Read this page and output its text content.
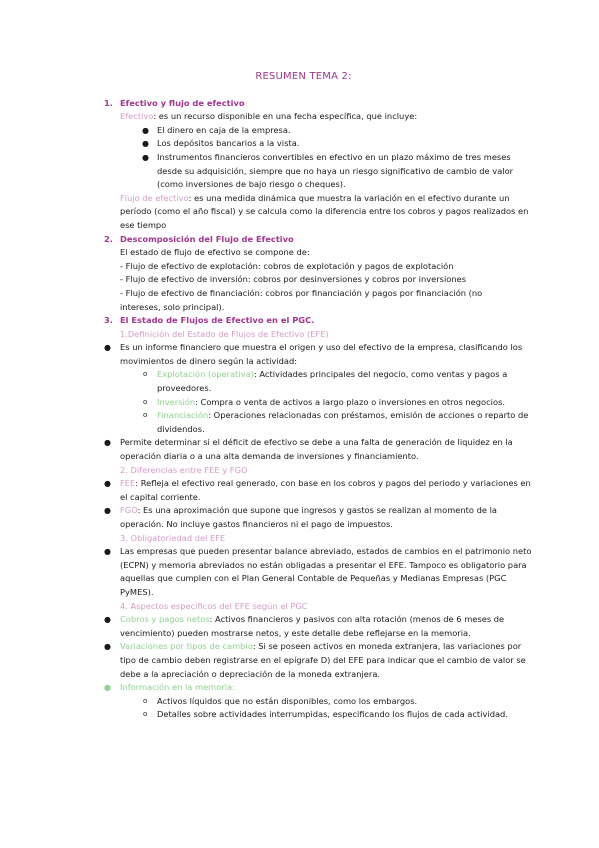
RESUMEN TEMA 2:
1. Efectivo y flujo de efectivo
Efectivo: es un recurso disponible en una fecha específica, que incluye:
● El dinero en caja de la empresa.
● Los depósitos bancarios a la vista.
● Instrumentos financieros convertibles en efectivo en un plazo máximo de tres meses desde su adquisición, siempre que no haya un riesgo significativo de cambio de valor (como inversiones de bajo riesgo o cheques).
Flujo de efectivo: es una medida dinámica que muestra la variación en el efectivo durante un período (como el año fiscal) y se calcula como la diferencia entre los cobros y pagos realizados en ese tiempo
2. Descomposición del Flujo de Efectivo
El estado de flujo de efectivo se compone de:
- Flujo de efectivo de explotación: cobros de explotación y pagos de explotación
- Flujo de efectivo de inversión: cobros por desinversiones y cobros por inversiones
- Flujo de efectivo de financiación: cobros por financiación y pagos por financiación (no intereses, solo principal).
3. El Estado de Flujos de Efectivo en el PGC.
1.Definición del Estado de Flujos de Efectivo (EFE)
● Es un informe financiero que muestra el origen y uso del efectivo de la empresa, clasificando los movimientos de dinero según la actividad:
o Explotación (operativa): Actividades principales del negocio, como ventas y pagos a proveedores.
o Inversión: Compra o venta de activos a largo plazo o inversiones en otros negocios.
o Financiación: Operaciones relacionadas con préstamos, emisión de acciones o reparto de dividendos.
● Permite determinar si el déficit de efectivo se debe a una falta de generación de liquidez en la operación diaria o a una alta demanda de inversiones y financiamiento.
2. Diferencias entre FEE y FGO
● FEE: Refleja el efectivo real generado, con base en los cobros y pagos del periodo y variaciones en el capital corriente.
● FGO: Es una aproximación que supone que ingresos y gastos se realizan al momento de la operación. No incluye gastos financieros ni el pago de impuestos.
3. Obligatoriedad del EFE
● Las empresas que pueden presentar balance abreviado, estados de cambios en el patrimonio neto (ECPN) y memoria abreviados no están obligadas a presentar el EFE. Tampoco es obligatorio para aquellas que cumplen con el Plan General Contable de Pequeñas y Medianas Empresas (PGC PyMES).
4. Aspectos específicos del EFE según el PGC
● Cobros y pagos netos: Activos financieros y pasivos con alta rotación (menos de 6 meses de vencimiento) pueden mostrarse netos, y este detalle debe reflejarse en la memoria.
● Variaciones por tipos de cambio: Si se poseen activos en moneda extranjera, las variaciones por tipo de cambio deben registrarse en el epígrafe D) del EFE para indicar que el cambio de valor se debe a la apreciación o depreciación de la moneda extranjera.
● Información en la memoria:
o Activos líquidos que no están disponibles, como los embargos.
o Detalles sobre actividades interrumpidas, especificando los flujos de cada actividad.
